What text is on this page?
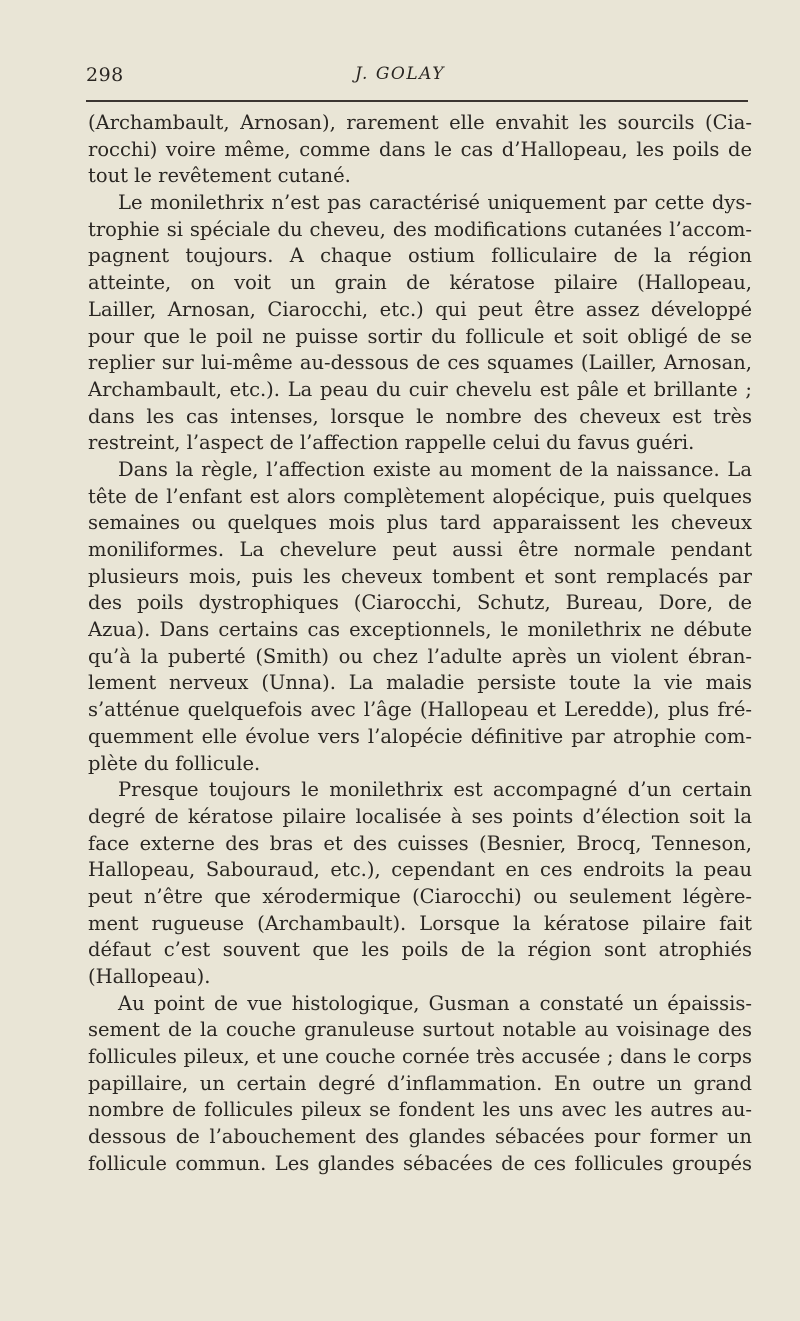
298	J. GOLAY
(Archambault, Arnosan), rarement elle envahit les sourcils (Cia-
rocchi) voire même, comme dans le cas d’Hallopeau, les poils de
tout le revêtement cutané.
Le monilethrix n’est pas caractérisé uniquement par cette dys-
trophie si spéciale du cheveu, des modifications cutanées l’accom-
pagnent toujours. A chaque ostium folliculaire de la région
atteinte, on voit un grain de kératose pilaire (Hallopeau,
Lailler, Arnosan, Ciarocchi, etc.) qui peut être assez développé
pour que le poil ne puisse sortir du follicule et soit obligé de se
replier sur lui-même au-dessous de ces squames (Lailler, Arnosan,
Archambault, etc.). La peau du cuir chevelu est pâle et brillante ;
dans les cas intenses, lorsque le nombre des cheveux est très
restreint, l’aspect de l’affection rappelle celui du favus guéri.
Dans la règle, l’affection existe au moment de la naissance. La
tête de l’enfant est alors complètement alopécique, puis quelques
semaines ou quelques mois plus tard apparaissent les cheveux
moniliformes. La chevelure peut aussi être normale pendant
plusieurs mois, puis les cheveux tombent et sont remplacés par
des poils dystrophiques (Ciarocchi, Schutz, Bureau, Dore, de
Azua). Dans certains cas exceptionnels, le monilethrix ne débute
qu’à la puberté (Smith) ou chez l’adulte après un violent ébran-
lement nerveux (Unna). La maladie persiste toute la vie mais
s’atténue quelquefois avec l’âge (Hallopeau et Leredde), plus fré-
quemment elle évolue vers l’alopécie définitive par atrophie com-
plète du follicule.
Presque toujours le monilethrix est accompagné d’un certain
degré de kératose pilaire localisée à ses points d’élection soit la
face externe des bras et des cuisses (Besnier, Brocq, Tenneson,
Hallopeau, Sabouraud, etc.), cependant en ces endroits la peau
peut n’être que xérodermique (Ciarocchi) ou seulement légère-
ment rugueuse (Archambault). Lorsque la kératose pilaire fait
défaut c’est souvent que les poils de la région sont atrophiés
(Hallopeau).
Au point de vue histologique, Gusman a constaté un épaissis-
sement de la couche granuleuse surtout notable au voisinage des
follicules pileux, et une couche cornée très accusée ; dans le corps
papillaire, un certain degré d’inflammation. En outre un grand
nombre de follicules pileux se fondent les uns avec les autres au-
dessous de l’abouchement des glandes sébacées pour former un
follicule commun. Les glandes sébacées de ces follicules groupés
